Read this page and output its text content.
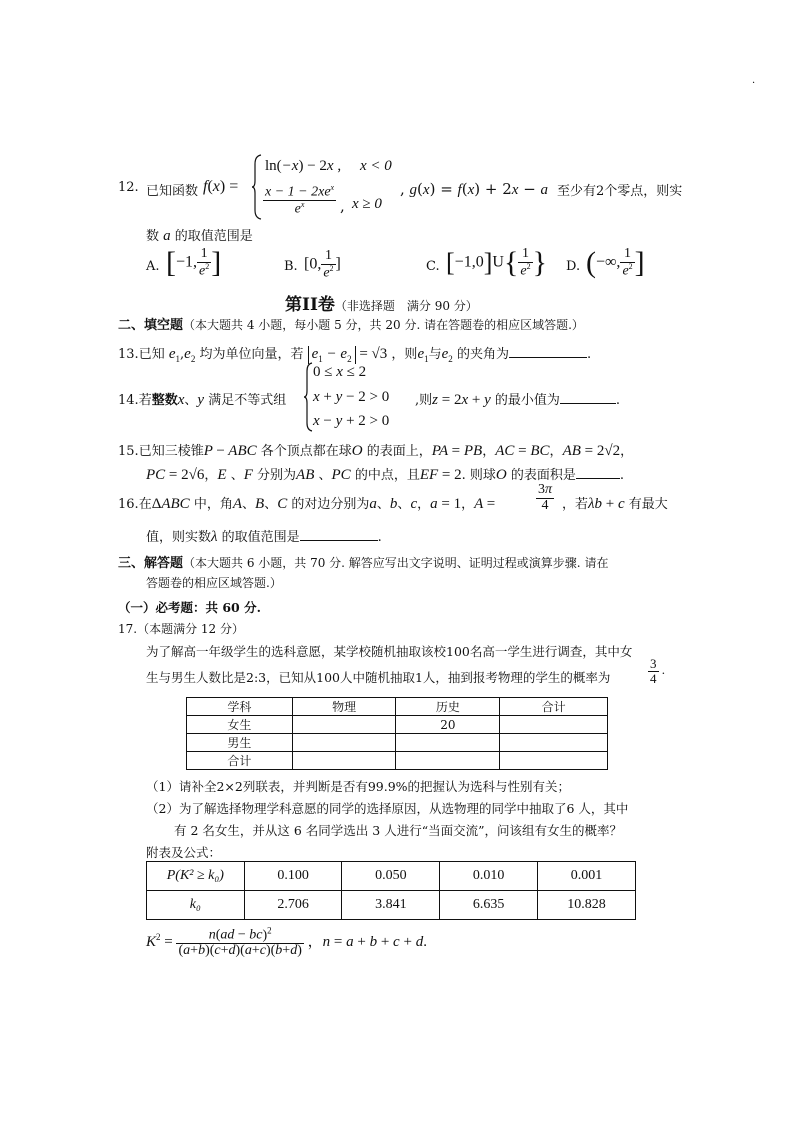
·
12. 已知函数 f(x) =
ln(−x) − 2x , x < 0
$\frac{x - 1 - 2xe^x}{e^x}$ , x ≥ 0
, g(x) = f(x) + 2x − a 至少有2个零点，则实
数 a 的取值范围是
A. [−1, $\frac{1}{e^2}$ ]	B. [0, $\frac{1}{e^2}$ ]	C. $[-1,0]U\{ \frac{1}{e^2}$ } D. (−∞, $\frac{1}{e^2}$ ]
第II卷（非选择题　满分 90 分）
二、填空题（本大题共 4 小题，每小题 5 分，共 20 分. 请在答题卷的相应区域答题.）
13.已知 $e_1,e_2$ 均为单位向量，若 $e_1 - e_2 = √3$ ，则$e_1$与$e_2$ 的夹角为	.
14.若整数x、y 满足不等式组
0 ≤ x ≤ 2
x + y − 2 > 0
x − y + 2 > 0
,则z = 2x + y 的最小值为	.
15.已知三棱锥P − ABC 各个顶点都在球O 的表面上，PA = PB，AC = BC，AB = 2√2，
PC = 2√6，E 、F 分别为AB 、PC 的中点，且EF = 2. 则球O 的表面积是	.
16.在ΔABC 中，角A、B、C 的对边分别为a、b、c，a = 1，A =	$\frac{3\pi}{4}$ ，若λb + c 有最大
值，则实数λ 的取值范围是	.
三、解答题（本大题共 6 小题，共 70 分. 解答应写出文字说明、证明过程或演算步骤. 请在
答题卷的相应区域答题.）
（一）必考题：共 60 分.
17.（本题满分 12 分）
为了解高一年级学生的选科意愿，某学校随机抽取该校100名高一学生进行调查，其中女
生与男生人数比是2:3，已知从100人中随机抽取1人，抽到报考物理的学生的概率为	$\frac{3}{4}$ .
学科	物理	历史	合计
女生		20	
男生			
合计			
（1）请补全2×2列联表，并判断是否有99.9%的把握认为选科与性别有关；
（2）为了解选择物理学科意愿的同学的选择原因，从选物理的同学中抽取了6 人，其中
有 2 名女生，并从这 6 名同学选出 3 人进行“当面交流”，问该组有女生的概率？
附表及公式：
P(K² ≥ k₀)	0.100	0.050	0.010	0.001
k₀	2.706	3.841	6.635	10.828
$K^2 = \frac{n(ad - bc)^2}{(a+b)(c+d)(a+c)(b+d)}$ ，n = a + b + c + d.
